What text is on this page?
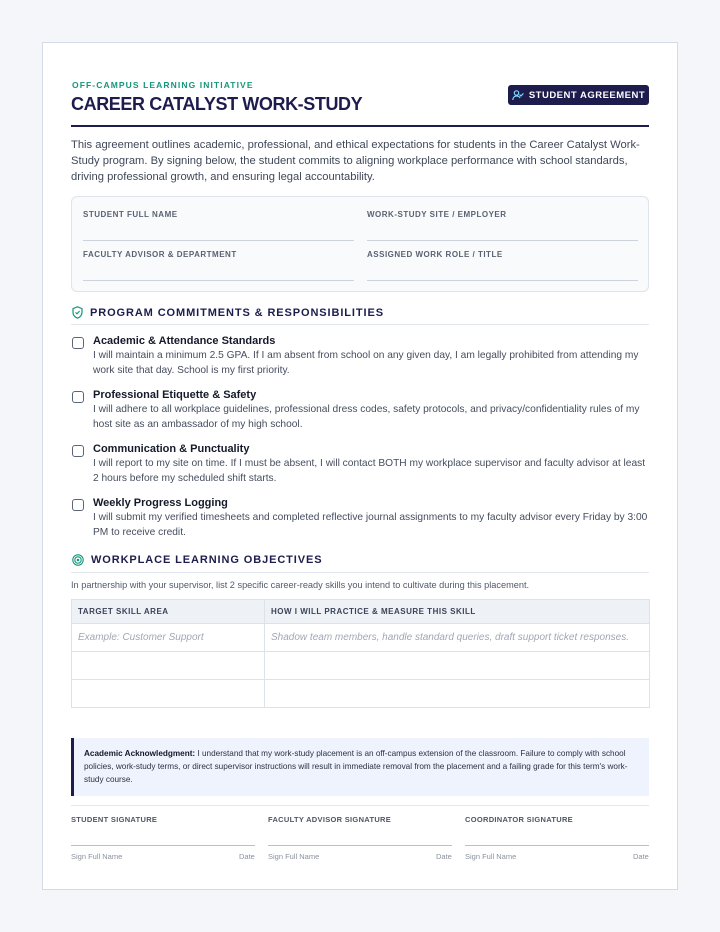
OFF-CAMPUS LEARNING INITIATIVE
CAREER CATALYST WORK-STUDY	STUDENT AGREEMENT

This agreement outlines academic, professional, and ethical expectations for students in the Career Catalyst Work-Study program. By signing below, the student commits to aligning workplace performance with school standards, driving professional growth, and ensuring legal accountability.

STUDENT FULL NAME	WORK-STUDY SITE / EMPLOYER
FACULTY ADVISOR & DEPARTMENT	ASSIGNED WORK ROLE / TITLE
PROGRAM COMMITMENTS & RESPONSIBILITIES
Academic & Attendance Standards
I will maintain a minimum 2.5 GPA. If I am absent from school on any given day, I am legally prohibited from attending my work site that day. School is my first priority.
Professional Etiquette & Safety
I will adhere to all workplace guidelines, professional dress codes, safety protocols, and privacy/confidentiality rules of my host site as an ambassador of my high school.
Communication & Punctuality
I will report to my site on time. If I must be absent, I will contact BOTH my workplace supervisor and faculty advisor at least 2 hours before my scheduled shift starts.
Weekly Progress Logging
I will submit my verified timesheets and completed reflective journal assignments to my faculty advisor every Friday by 3:00 PM to receive credit.
WORKPLACE LEARNING OBJECTIVES
In partnership with your supervisor, list 2 specific career-ready skills you intend to cultivate during this placement.
TARGET SKILL AREA	HOW I WILL PRACTICE & MEASURE THIS SKILL
Example: Customer Support	Shadow team members, handle standard queries, draft support ticket responses.

Academic Acknowledgment: I understand that my work-study placement is an off-campus extension of the classroom. Failure to comply with school policies, work-study terms, or direct supervisor instructions will result in immediate removal from the placement and a failing grade for this term's work-study course.
STUDENT SIGNATURE
Sign Full Name	Date
FACULTY ADVISOR SIGNATURE
Sign Full Name	Date
COORDINATOR SIGNATURE
Sign Full Name	Date
